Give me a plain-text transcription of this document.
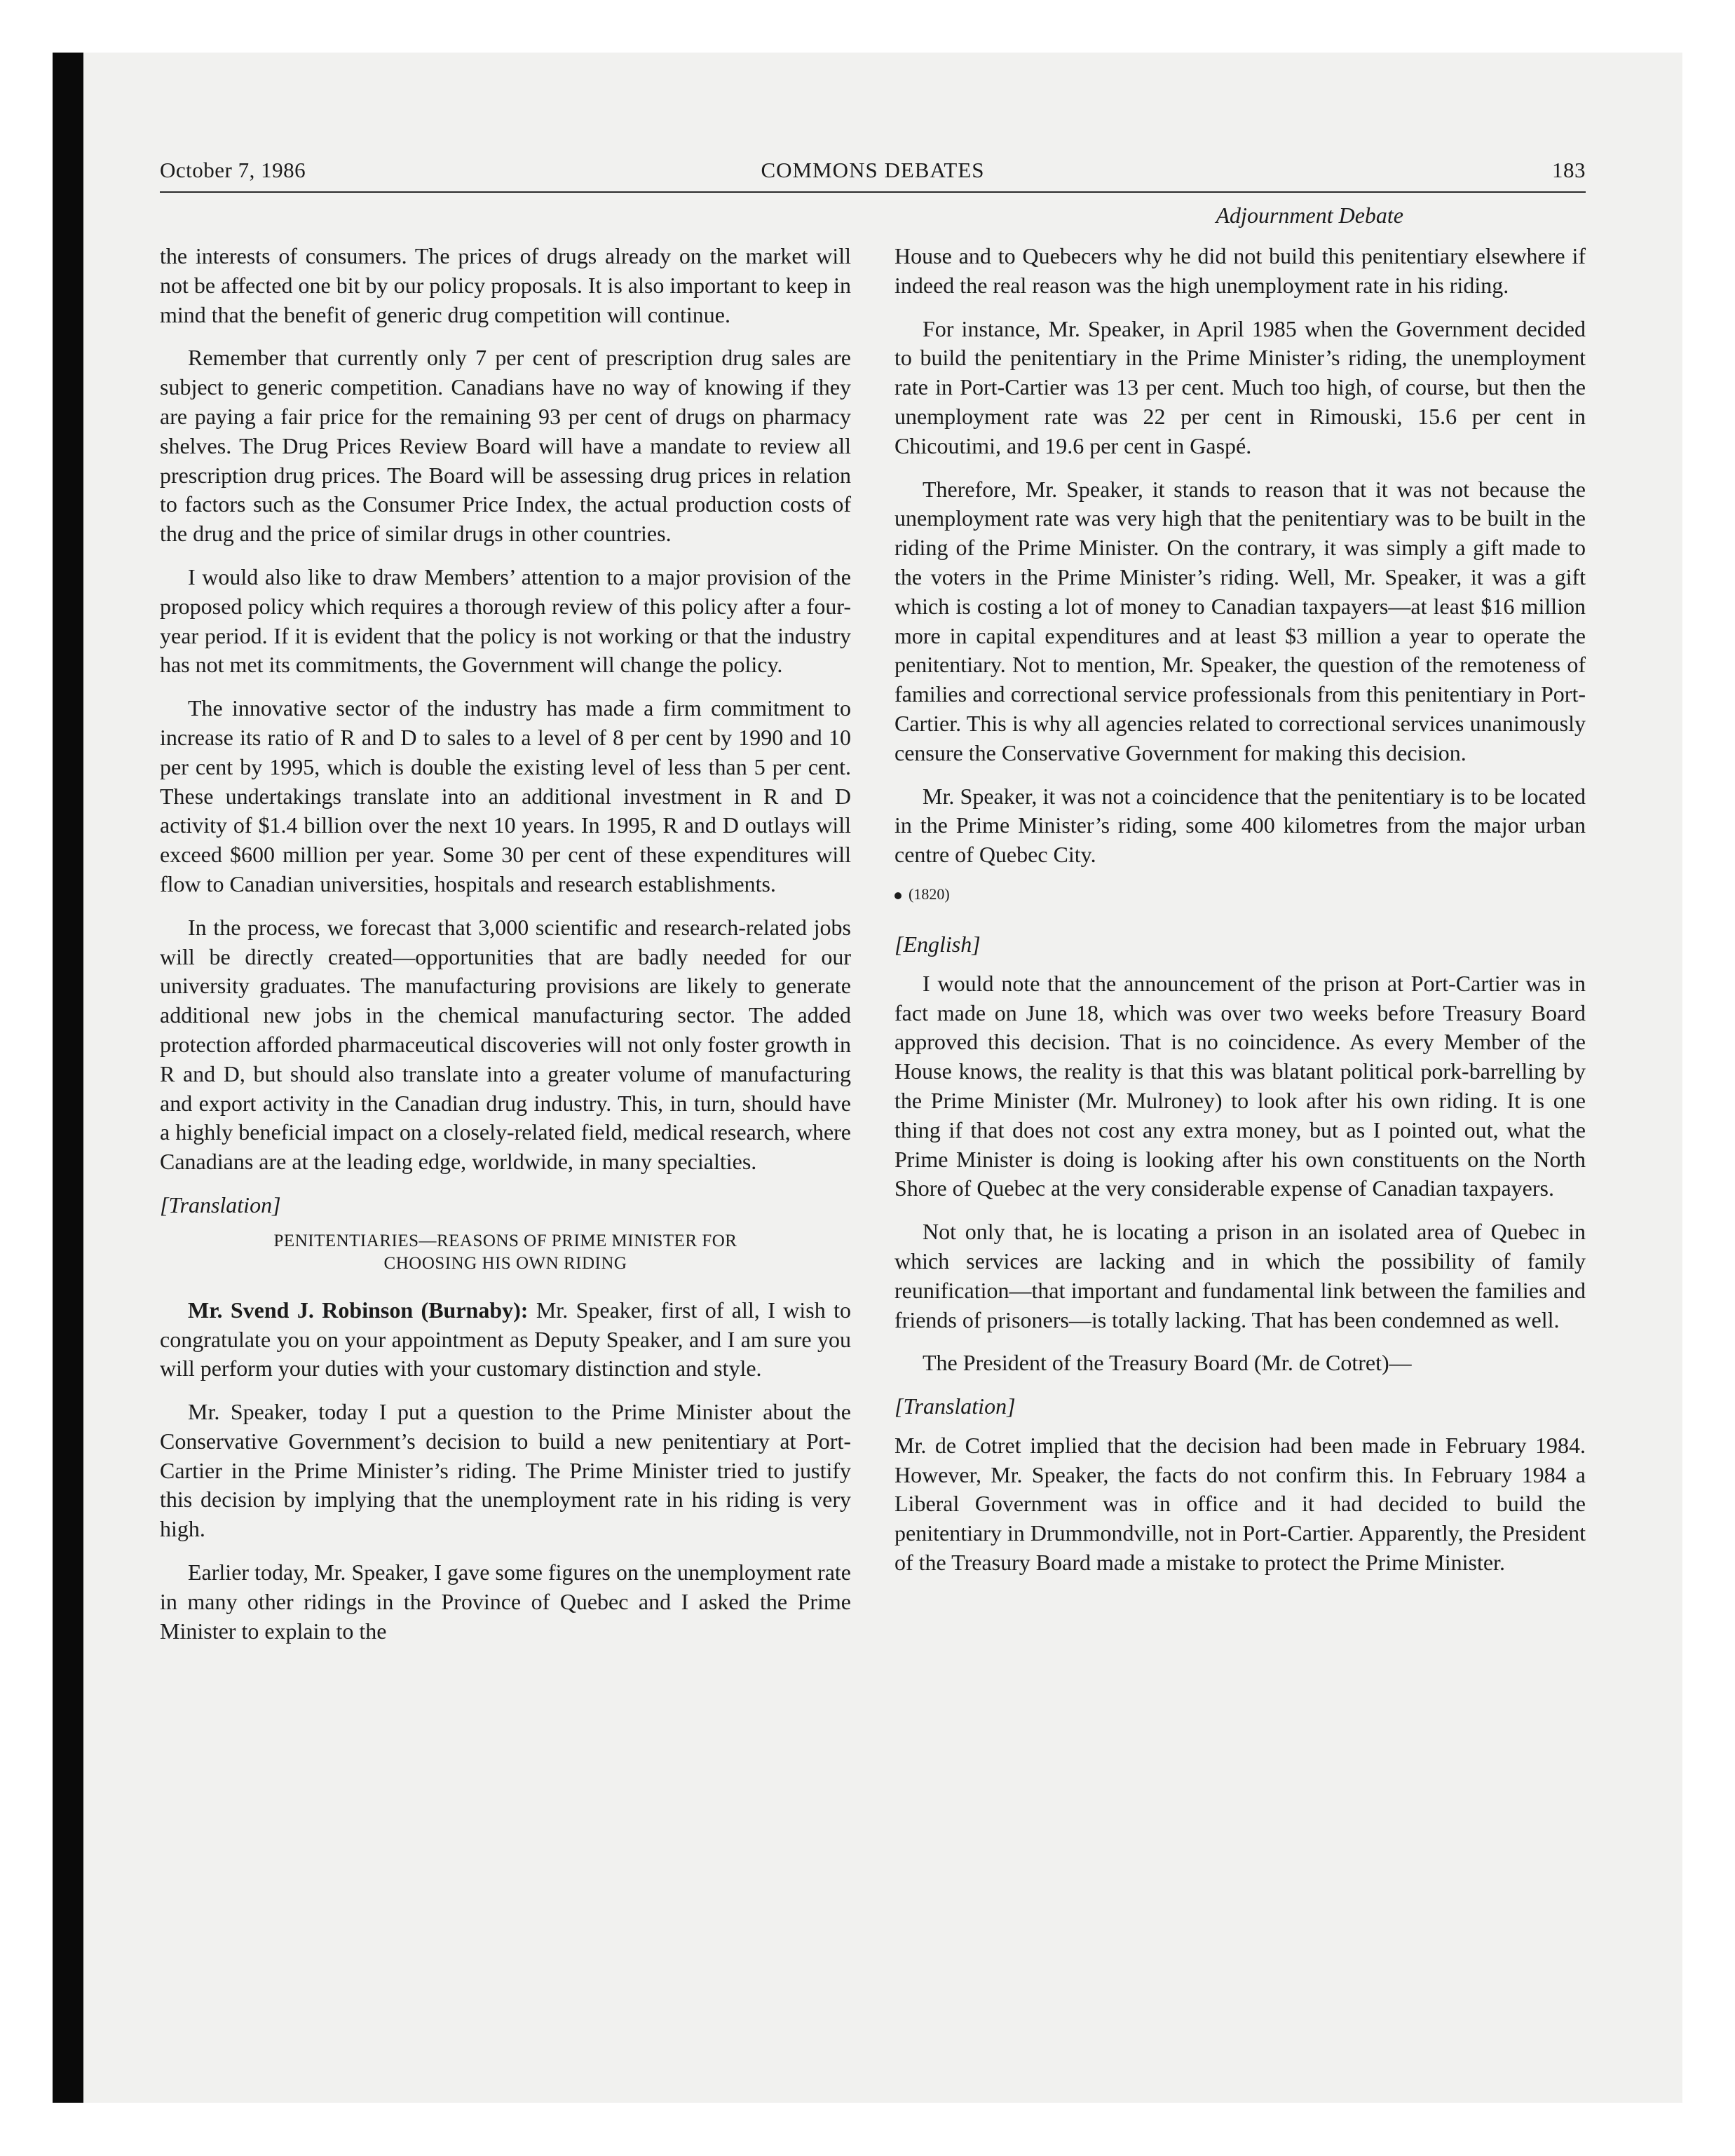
October 7, 1986	COMMONS DEBATES	183
Adjournment Debate

the interests of consumers. The prices of drugs already on the market will not be affected one bit by our policy proposals. It is also important to keep in mind that the benefit of generic drug competition will continue.

Remember that currently only 7 per cent of prescription drug sales are subject to generic competition. Canadians have no way of knowing if they are paying a fair price for the remaining 93 per cent of drugs on pharmacy shelves. The Drug Prices Review Board will have a mandate to review all prescription drug prices. The Board will be assessing drug prices in relation to factors such as the Consumer Price Index, the actual production costs of the drug and the price of similar drugs in other countries.

I would also like to draw Members’ attention to a major provision of the proposed policy which requires a thorough review of this policy after a four-year period. If it is evident that the policy is not working or that the industry has not met its commitments, the Government will change the policy.

The innovative sector of the industry has made a firm commitment to increase its ratio of R and D to sales to a level of 8 per cent by 1990 and 10 per cent by 1995, which is double the existing level of less than 5 per cent. These undertakings translate into an additional investment in R and D activity of $1.4 billion over the next 10 years. In 1995, R and D outlays will exceed $600 million per year. Some 30 per cent of these expenditures will flow to Canadian universities, hospitals and research establishments.

In the process, we forecast that 3,000 scientific and research-related jobs will be directly created—opportunities that are badly needed for our university graduates. The manufacturing provisions are likely to generate additional new jobs in the chemical manufacturing sector. The added protection afforded pharmaceutical discoveries will not only foster growth in R and D, but should also translate into a greater volume of manufacturing and export activity in the Canadian drug industry. This, in turn, should have a highly beneficial impact on a closely-related field, medical research, where Canadians are at the leading edge, worldwide, in many specialties.

[Translation]
PENITENTIARIES—REASONS OF PRIME MINISTER FOR
CHOOSING HIS OWN RIDING

Mr. Svend J. Robinson (Burnaby): Mr. Speaker, first of all, I wish to congratulate you on your appointment as Deputy Speaker, and I am sure you will perform your duties with your customary distinction and style.

Mr. Speaker, today I put a question to the Prime Minister about the Conservative Government’s decision to build a new penitentiary at Port-Cartier in the Prime Minister’s riding. The Prime Minister tried to justify this decision by implying that the unemployment rate in his riding is very high.

Earlier today, Mr. Speaker, I gave some figures on the unemployment rate in many other ridings in the Province of Quebec and I asked the Prime Minister to explain to the

House and to Quebecers why he did not build this penitentiary elsewhere if indeed the real reason was the high unemployment rate in his riding.

For instance, Mr. Speaker, in April 1985 when the Government decided to build the penitentiary in the Prime Minister’s riding, the unemployment rate in Port-Cartier was 13 per cent. Much too high, of course, but then the unemployment rate was 22 per cent in Rimouski, 15.6 per cent in Chicoutimi, and 19.6 per cent in Gaspé.

Therefore, Mr. Speaker, it stands to reason that it was not because the unemployment rate was very high that the penitentiary was to be built in the riding of the Prime Minister. On the contrary, it was simply a gift made to the voters in the Prime Minister’s riding. Well, Mr. Speaker, it was a gift which is costing a lot of money to Canadian taxpayers—at least $16 million more in capital expenditures and at least $3 million a year to operate the penitentiary. Not to mention, Mr. Speaker, the question of the remoteness of families and correctional service professionals from this penitentiary in Port-Cartier. This is why all agencies related to correctional services unanimously censure the Conservative Government for making this decision.

Mr. Speaker, it was not a coincidence that the penitentiary is to be located in the Prime Minister’s riding, some 400 kilometres from the major urban centre of Quebec City.

(1820)
[English]

I would note that the announcement of the prison at Port-Cartier was in fact made on June 18, which was over two weeks before Treasury Board approved this decision. That is no coincidence. As every Member of the House knows, the reality is that this was blatant political pork-barrelling by the Prime Minister (Mr. Mulroney) to look after his own riding. It is one thing if that does not cost any extra money, but as I pointed out, what the Prime Minister is doing is looking after his own constituents on the North Shore of Quebec at the very considerable expense of Canadian taxpayers.

Not only that, he is locating a prison in an isolated area of Quebec in which services are lacking and in which the possibility of family reunification—that important and fundamental link between the families and friends of prisoners—is totally lacking. That has been condemned as well.

The President of the Treasury Board (Mr. de Cotret)—

[Translation]

Mr. de Cotret implied that the decision had been made in February 1984. However, Mr. Speaker, the facts do not confirm this. In February 1984 a Liberal Government was in office and it had decided to build the penitentiary in Drummondville, not in Port-Cartier. Apparently, the President of the Treasury Board made a mistake to protect the Prime Minister.
